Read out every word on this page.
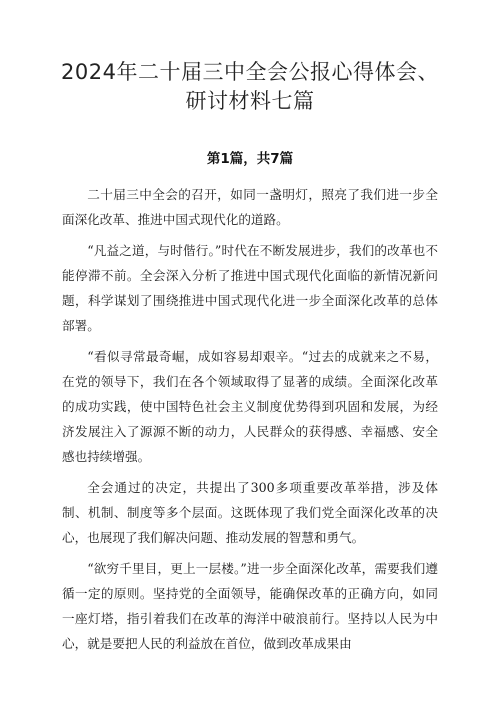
2024年二十届三中全会公报心得体会、研讨材料七篇
第1篇，共7篇

二十届三中全会的召开，如同一盏明灯，照亮了我们进一步全面深化改革、推进中国式现代化的道路。

“凡益之道，与时偕行。”时代在不断发展进步，我们的改革也不能停滞不前。全会深入分析了推进中国式现代化面临的新情况新问题，科学谋划了围绕推进中国式现代化进一步全面深化改革的总体部署。

“看似寻常最奇崛，成如容易却艰辛。“过去的成就来之不易，在党的领导下，我们在各个领域取得了显著的成绩。全面深化改革的成功实践，使中国特色社会主义制度优势得到巩固和发展，为经济发展注入了源源不断的动力，人民群众的获得感、幸福感、安全感也持续增强。

全会通过的决定，共提出了300多项重要改革举措，涉及体制、机制、制度等多个层面。这既体现了我们党全面深化改革的决心，也展现了我们解决问题、推动发展的智慧和勇气。

“欲穷千里目，更上一层楼。”进一步全面深化改革，需要我们遵循一定的原则。坚持党的全面领导，能确保改革的正确方向，如同一座灯塔，指引着我们在改革的海洋中破浪前行。坚持以人民为中心，就是要把人民的利益放在首位，做到改革成果由
